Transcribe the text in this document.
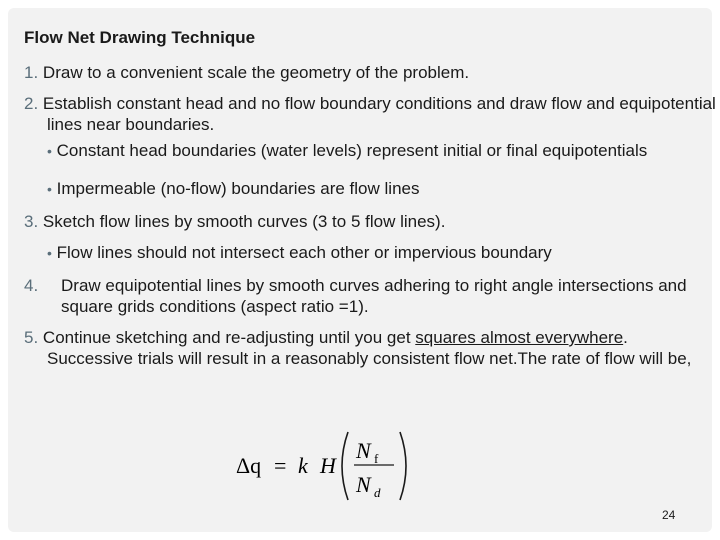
Flow Net Drawing Technique
1. Draw to a convenient scale the geometry of the problem.
2. Establish constant head and no flow boundary conditions and draw flow and equipotential lines near boundaries.
• Constant head boundaries (water levels) represent initial or final equipotentials
• Impermeable (no-flow) boundaries are flow lines
3. Sketch flow lines by smooth curves (3 to 5 flow lines).
• Flow lines should not intersect each other or impervious boundary
4. Draw equipotential lines by smooth curves adhering to right angle intersections and square grids conditions (aspect ratio =1).
5. Continue sketching and re-adjusting until you get squares almost everywhere. Successive trials will result in a reasonably consistent flow net.The rate of flow will be,
Δq = k H
N f
N d
24
